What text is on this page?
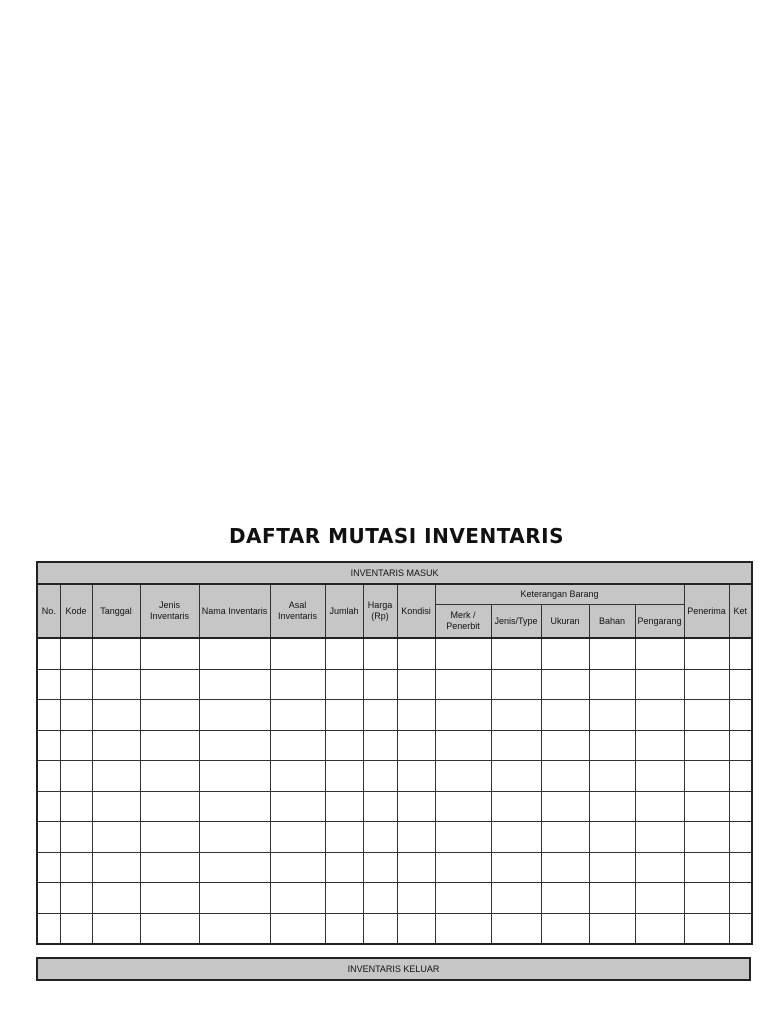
DAFTAR MUTASI INVENTARIS
INVENTARIS MASUK															
No.	Kode	Tanggal	Jenis Inventaris	Nama Inventaris	Asal Inventaris	Jumlah	Harga (Rp)	Kondisi	Keterangan Barang					Penerima	Ket
									Merk / Penerbit	Jenis/Type	Ukuran	Bahan	Pengarang		

INVENTARIS KELUAR
